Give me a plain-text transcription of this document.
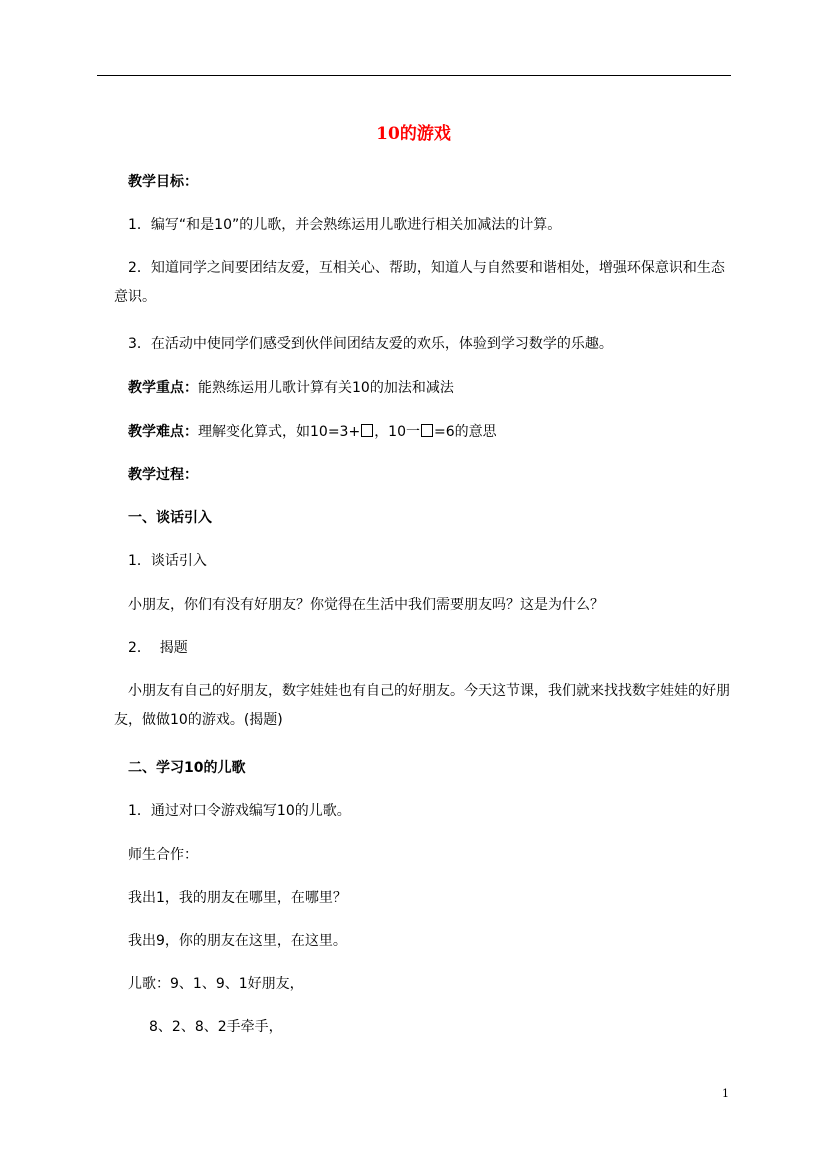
10的游戏

教学目标：

1．编写“和是10”的儿歌，并会熟练运用儿歌进行相关加减法的计算。

2．知道同学之间要团结友爱，互相关心、帮助，知道人与自然要和谐相处，增强环保意识和生态意识。

3．在活动中使同学们感受到伙伴间团结友爱的欢乐，体验到学习数学的乐趣。

教学重点：能熟练运用儿歌计算有关10的加法和减法

教学难点：理解变化算式，如10=3+ ，10一 =6的意思

教学过程：

一、谈话引入

1．谈话引入

小朋友，你们有没有好朋友？你觉得在生活中我们需要朋友吗？这是为什么？

2．  揭题

小朋友有自己的好朋友，数字娃娃也有自己的好朋友。今天这节课，我们就来找找数字娃娃的好朋友，做做10的游戏。(揭题)

二、学习10的儿歌

1．通过对口令游戏编写10的儿歌。

师生合作：

我出1，我的朋友在哪里，在哪里？

我出9，你的朋友在这里，在这里。

儿歌：9、1、9、1好朋友，

8、2、8、2手牵手，

1
